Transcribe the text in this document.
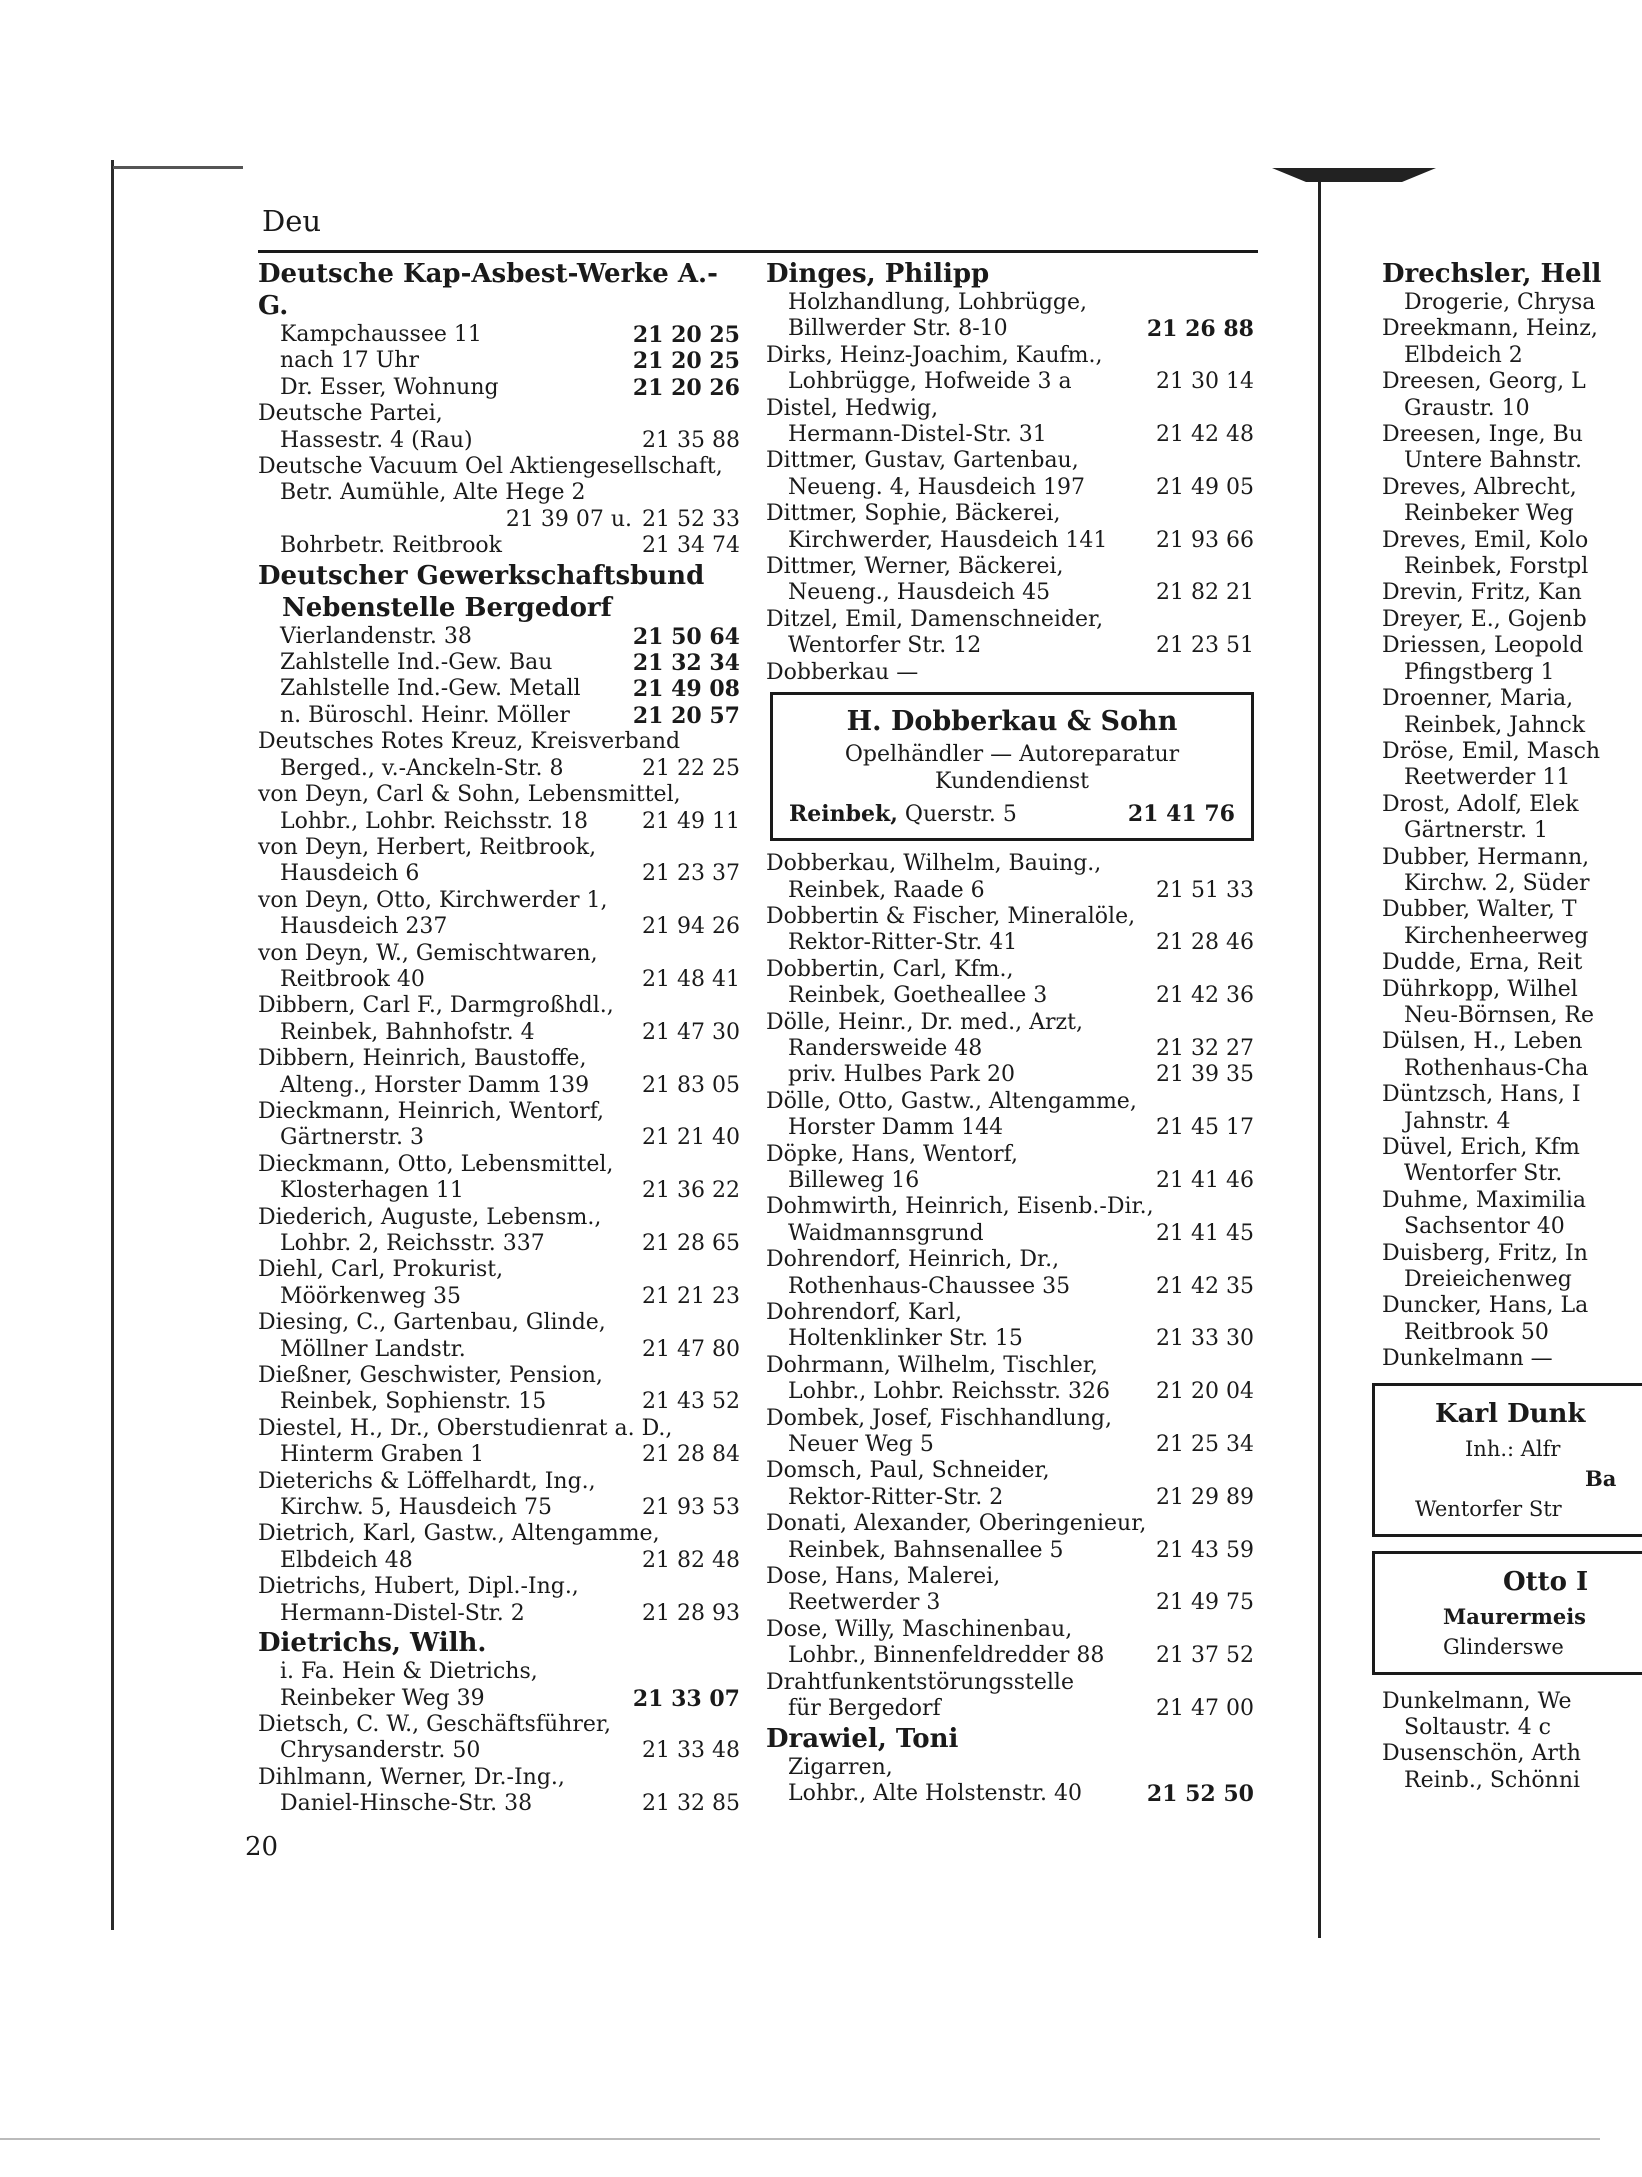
Deu
Deutsche Kap-Asbest-Werke A.-G.
Kampchaussee 11	21 20 25
nach 17 Uhr	21 20 25
Dr. Esser, Wohnung	21 20 26
Deutsche Partei,
Hassestr. 4 (Rau)	21 35 88
Deutsche Vacuum Oel Aktiengesellschaft,
Betr. Aumühle, Alte Hege 2
21 39 07 u. 21 52 33
Bohrbetr. Reitbrook	21 34 74
Deutscher Gewerkschaftsbund
Nebenstelle Bergedorf
Vierlandenstr. 38	21 50 64
Zahlstelle Ind.-Gew. Bau	21 32 34
Zahlstelle Ind.-Gew. Metall 21 49 08
n. Büroschl. Heinr. Möller	21 20 57
Deutsches Rotes Kreuz, Kreisverband
Berged., v.-Anckeln-Str. 8	21 22 25
von Deyn, Carl & Sohn, Lebensmittel,
Lohbr., Lohbr. Reichsstr. 18 21 49 11
von Deyn, Herbert, Reitbrook,
Hausdeich 6	21 23 37
von Deyn, Otto, Kirchwerder 1,
Hausdeich 237	21 94 26
von Deyn, W., Gemischtwaren,
Reitbrook 40	21 48 41
Dibbern, Carl F., Darmgroßhdl.,
Reinbek, Bahnhofstr. 4	21 47 30
Dibbern, Heinrich, Baustoffe,
Alteng., Horster Damm 139 21 83 05
Dieckmann, Heinrich, Wentorf,
Gärtnerstr. 3	21 21 40
Dieckmann, Otto, Lebensmittel,
Klosterhagen 11	21 36 22
Diederich, Auguste, Lebensm.,
Lohbr. 2, Reichsstr. 337	21 28 65
Diehl, Carl, Prokurist,
Möörkenweg 35	21 21 23
Diesing, C., Gartenbau, Glinde,
Möllner Landstr.	21 47 80
Dießner, Geschwister, Pension,
Reinbek, Sophienstr. 15	21 43 52
Diestel, H., Dr., Oberstudienrat a. D.,
Hinterm Graben 1	21 28 84
Dieterichs & Löffelhardt, Ing.,
Kirchw. 5, Hausdeich 75	21 93 53
Dietrich, Karl, Gastw., Altengamme,
Elbdeich 48	21 82 48
Dietrichs, Hubert, Dipl.-Ing.,
Hermann-Distel-Str. 2	21 28 93
Dietrichs, Wilh.
i. Fa. Hein & Dietrichs,
Reinbeker Weg 39	21 33 07
Dietsch, C. W., Geschäftsführer,
Chrysanderstr. 50	21 33 48
Dihlmann, Werner, Dr.-Ing.,
Daniel-Hinsche-Str. 38	21 32 85
Dinges, Philipp
Holzhandlung, Lohbrügge,
Billwerder Str. 8-10	21 26 88
Dirks, Heinz-Joachim, Kaufm.,
Lohbrügge, Hofweide 3 a	21 30 14
Distel, Hedwig,
Hermann-Distel-Str. 31	21 42 48
Dittmer, Gustav, Gartenbau,
Neueng. 4, Hausdeich 197	21 49 05
Dittmer, Sophie, Bäckerei,
Kirchwerder, Hausdeich 141 21 93 66
Dittmer, Werner, Bäckerei,
Neueng., Hausdeich 45	21 82 21
Ditzel, Emil, Damenschneider,
Wentorfer Str. 12	21 23 51
Dobberkau —
H. Dobberkau & Sohn
Opelhändler — Autoreparatur
Kundendienst
Reinbek, Querstr. 5	21 41 76
Dobberkau, Wilhelm, Bauing.,
Reinbek, Raade 6	21 51 33
Dobbertin & Fischer, Mineralöle,
Rektor-Ritter-Str. 41	21 28 46
Dobbertin, Carl, Kfm.,
Reinbek, Goetheallee 3	21 42 36
Dölle, Heinr., Dr. med., Arzt,
Randersweide 48	21 32 27
priv. Hulbes Park 20	21 39 35
Dölle, Otto, Gastw., Altengamme,
Horster Damm 144	21 45 17
Döpke, Hans, Wentorf,
Billeweg 16	21 41 46
Dohmwirth, Heinrich, Eisenb.-Dir.,
Waidmannsgrund	21 41 45
Dohrendorf, Heinrich, Dr.,
Rothenhaus-Chaussee 35	21 42 35
Dohrendorf, Karl,
Holtenklinker Str. 15	21 33 30
Dohrmann, Wilhelm, Tischler,
Lohbr., Lohbr. Reichsstr. 326 21 20 04
Dombek, Josef, Fischhandlung,
Neuer Weg 5	21 25 34
Domsch, Paul, Schneider,
Rektor-Ritter-Str. 2	21 29 89
Donati, Alexander, Oberingenieur,
Reinbek, Bahnsenallee 5	21 43 59
Dose, Hans, Malerei,
Reetwerder 3	21 49 75
Dose, Willy, Maschinenbau,
Lohbr., Binnenfeldredder 88 21 37 52
Drahtfunkentstörungsstelle
für Bergedorf	21 47 00
Drawiel, Toni
Zigarren,
Lohbr., Alte Holstenstr. 40	21 52 50
Drechsler, Hell
Drogerie, Chrysa
Dreekmann, Heinz,
Elbdeich 2
Dreesen, Georg, L
Graustr. 10
Dreesen, Inge, Bu
Untere Bahnstr.
Dreves, Albrecht,
Reinbeker Weg
Dreves, Emil, Kolo
Reinbek, Forstpl
Drevin, Fritz, Kan
Dreyer, E., Gojenb
Driessen, Leopold
Pfingstberg 1
Droenner, Maria,
Reinbek, Jahnck
Dröse, Emil, Masch
Reetwerder 11
Drost, Adolf, Elek
Gärtnerstr. 1
Dubber, Hermann,
Kirchw. 2, Süder
Dubber, Walter, T
Kirchenheerweg
Dudde, Erna, Reit
Dührkopp, Wilhel
Neu-Börnsen, Re
Dülsen, H., Leben
Rothenhaus-Cha
Düntzsch, Hans, I
Jahnstr. 4
Düvel, Erich, Kfm
Wentorfer Str.
Duhme, Maximilia
Sachsentor 40
Duisberg, Fritz, In
Dreieichenweg
Duncker, Hans, La
Reitbrook 50
Dunkelmann —
Karl Dunk
Inh.: Alfr
Ba
Wentorfer Str
Otto I
Maurermeis
Glinderswe
Dunkelmann, We
Soltaustr. 4 c
Dusenschön, Arth
Reinb., Schönni
20
